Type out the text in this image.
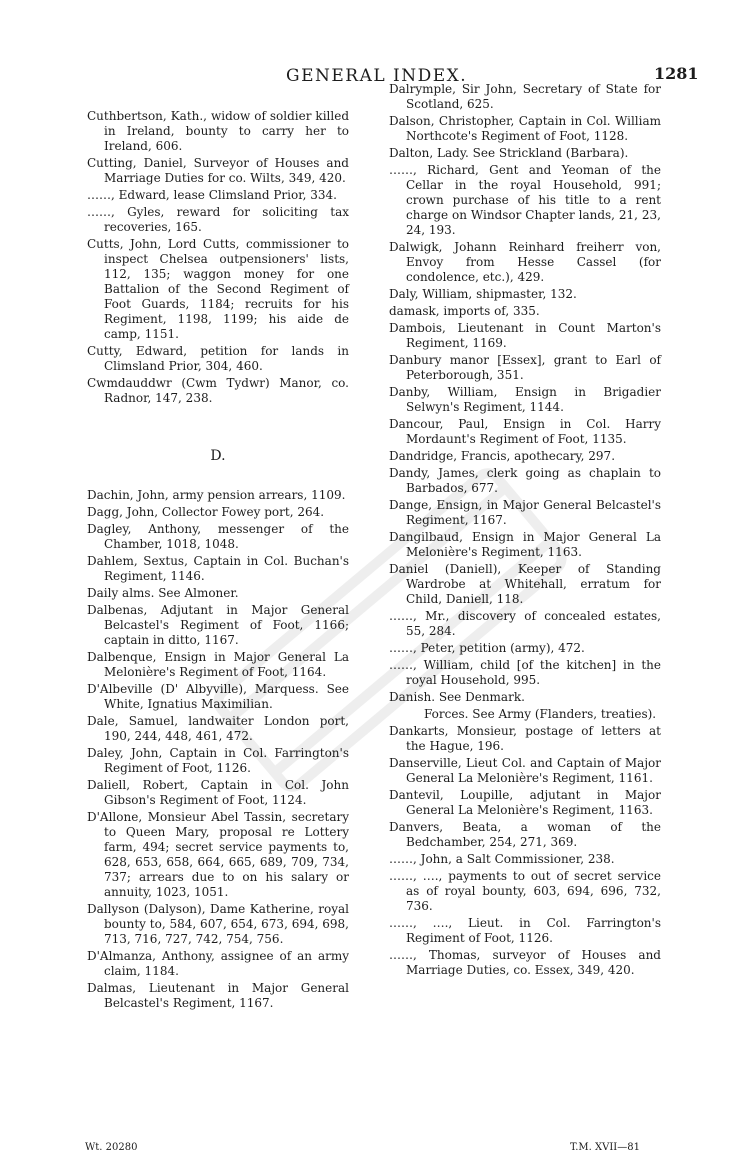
GENERAL INDEX.	1281
Cuthbertson, Kath., widow of soldier killed in Ireland, bounty to carry her to Ireland, 606.
Cutting, Daniel, Surveyor of Houses and Marriage Duties for co. Wilts, 349, 420.
……, Edward, lease Climsland Prior, 334.
……, Gyles, reward for soliciting tax recoveries, 165.
Cutts, John, Lord Cutts, commissioner to inspect Chelsea outpensioners' lists, 112, 135; waggon money for one Battalion of the Second Regiment of Foot Guards, 1184; recruits for his Regiment, 1198, 1199; his aide de camp, 1151.
Cutty, Edward, petition for lands in Climsland Prior, 304, 460.
Cwmdauddwr (Cwm Tydwr) Manor, co. Radnor, 147, 238.
D.
Dachin, John, army pension arrears, 1109.
Dagg, John, Collector Fowey port, 264.
Dagley, Anthony, messenger of the Chamber, 1018, 1048.
Dahlem, Sextus, Captain in Col. Buchan's Regiment, 1146.
Daily alms. See Almoner.
Dalbenas, Adjutant in Major General Belcastel's Regiment of Foot, 1166; captain in ditto, 1167.
Dalbenque, Ensign in Major General La Melonière's Regiment of Foot, 1164.
D'Albeville (D' Albyville), Marquess. See White, Ignatius Maximilian.
Dale, Samuel, landwaiter London port, 190, 244, 448, 461, 472.
Daley, John, Captain in Col. Farrington's Regiment of Foot, 1126.
Daliell, Robert, Captain in Col. John Gibson's Regiment of Foot, 1124.
D'Allone, Monsieur Abel Tassin, secretary to Queen Mary, proposal re Lottery farm, 494; secret service payments to, 628, 653, 658, 664, 665, 689, 709, 734, 737; arrears due to on his salary or annuity, 1023, 1051.
Dallyson (Dalyson), Dame Katherine, royal bounty to, 584, 607, 654, 673, 694, 698, 713, 716, 727, 742, 754, 756.
D'Almanza, Anthony, assignee of an army claim, 1184.
Dalmas, Lieutenant in Major General Belcastel's Regiment, 1167.
Dalrymple, Sir John, Secretary of State for Scotland, 625.
Dalson, Christopher, Captain in Col. William Northcote's Regiment of Foot, 1128.
Dalton, Lady. See Strickland (Barbara).
……, Richard, Gent and Yeoman of the Cellar in the royal Household, 991; crown purchase of his title to a rent charge on Windsor Chapter lands, 21, 23, 24, 193.
Dalwigk, Johann Reinhard freiherr von, Envoy from Hesse Cassel (for condolence, etc.), 429.
Daly, William, shipmaster, 132.
damask, imports of, 335.
Dambois, Lieutenant in Count Marton's Regiment, 1169.
Danbury manor [Essex], grant to Earl of Peterborough, 351.
Danby, William, Ensign in Brigadier Selwyn's Regiment, 1144.
Dancour, Paul, Ensign in Col. Harry Mordaunt's Regiment of Foot, 1135.
Dandridge, Francis, apothecary, 297.
Dandy, James, clerk going as chaplain to Barbados, 677.
Dange, Ensign, in Major General Belcastel's Regiment, 1167.
Dangilbaud, Ensign in Major General La Melonière's Regiment, 1163.
Daniel (Daniell), Keeper of Standing Wardrobe at Whitehall, erratum for Child, Daniell, 118.
……, Mr., discovery of concealed estates, 55, 284.
……, Peter, petition (army), 472.
……, William, child [of the kitchen] in the royal Household, 995.
Danish. See Denmark.
Forces. See Army (Flanders, treaties).
Dankarts, Monsieur, postage of letters at the Hague, 196.
Danserville, Lieut Col. and Captain of Major General La Melonière's Regiment, 1161.
Dantevil, Loupille, adjutant in Major General La Melonière's Regiment, 1163.
Danvers, Beata, a woman of the Bedchamber, 254, 271, 369.
……, John, a Salt Commissioner, 238.
……, …., payments to out of secret service as of royal bounty, 603, 694, 696, 732, 736.
……, …., Lieut. in Col. Farrington's Regiment of Foot, 1126.
……, Thomas, surveyor of Houses and Marriage Duties, co. Essex, 349, 420.
Wt. 20280	T.M. XVII—81
